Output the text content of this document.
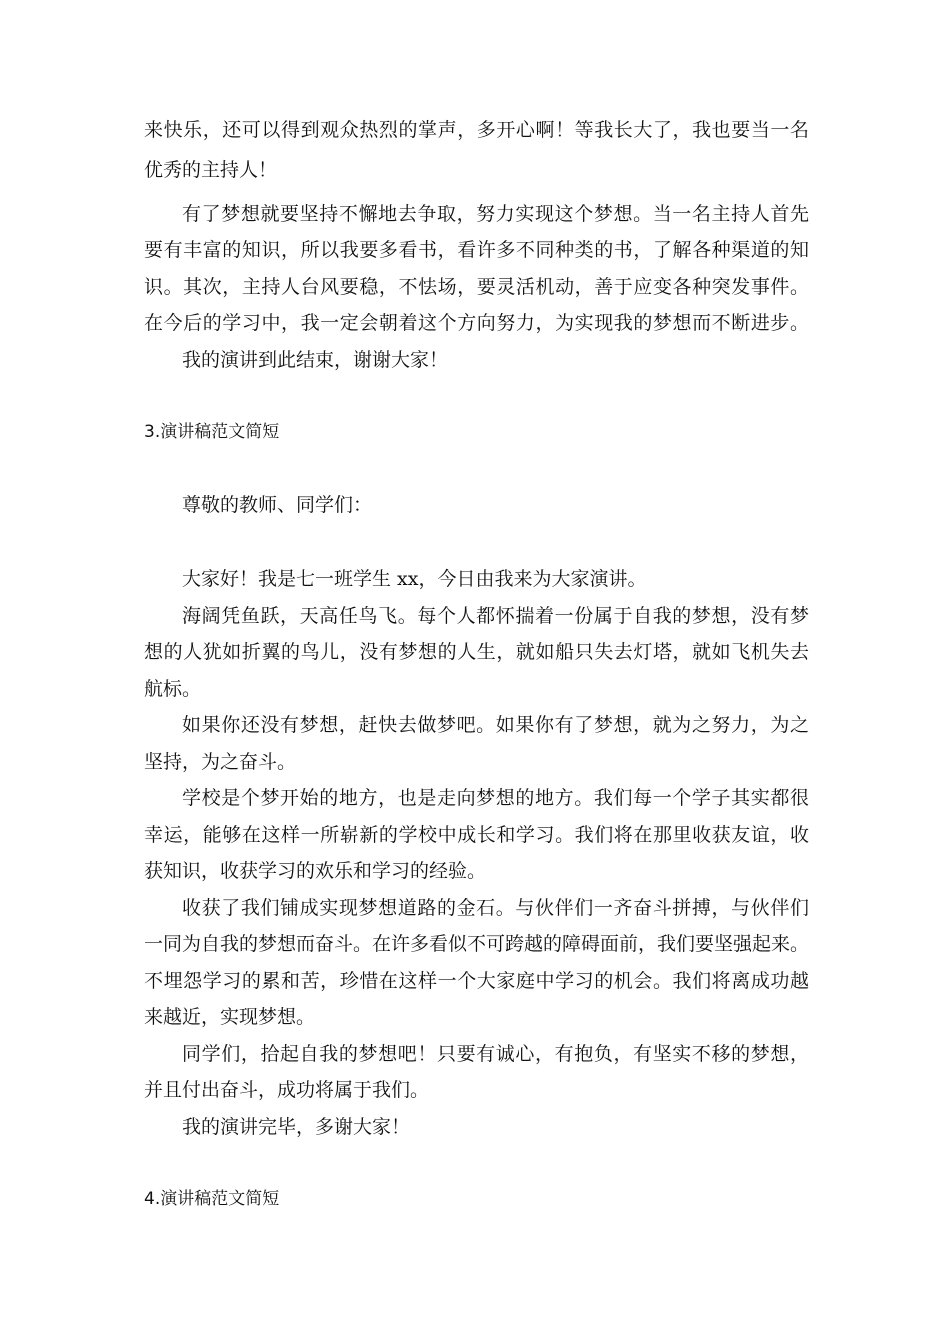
来快乐，还可以得到观众热烈的掌声，多开心啊！等我长大了，我也要当一名
优秀的主持人！
有了梦想就要坚持不懈地去争取，努力实现这个梦想。当一名主持人首先
要有丰富的知识，所以我要多看书，看许多不同种类的书，了解各种渠道的知
识。其次，主持人台风要稳，不怯场，要灵活机动，善于应变各种突发事件。
在今后的学习中，我一定会朝着这个方向努力，为实现我的梦想而不断进步。
我的演讲到此结束，谢谢大家！
3.演讲稿范文简短
尊敬的教师、同学们：
大家好！我是七一班学生 xx，今日由我来为大家演讲。
海阔凭鱼跃，天高任鸟飞。每个人都怀揣着一份属于自我的梦想，没有梦
想的人犹如折翼的鸟儿，没有梦想的人生，就如船只失去灯塔，就如飞机失去
航标。
如果你还没有梦想，赶快去做梦吧。如果你有了梦想，就为之努力，为之
坚持，为之奋斗。
学校是个梦开始的地方，也是走向梦想的地方。我们每一个学子其实都很
幸运，能够在这样一所崭新的学校中成长和学习。我们将在那里收获友谊，收
获知识，收获学习的欢乐和学习的经验。
收获了我们铺成实现梦想道路的金石。与伙伴们一齐奋斗拼搏，与伙伴们
一同为自我的梦想而奋斗。在许多看似不可跨越的障碍面前，我们要坚强起来。
不埋怨学习的累和苦，珍惜在这样一个大家庭中学习的机会。我们将离成功越
来越近，实现梦想。
同学们，拾起自我的梦想吧！只要有诚心，有抱负，有坚实不移的梦想，
并且付出奋斗，成功将属于我们。
我的演讲完毕，多谢大家！
4.演讲稿范文简短
